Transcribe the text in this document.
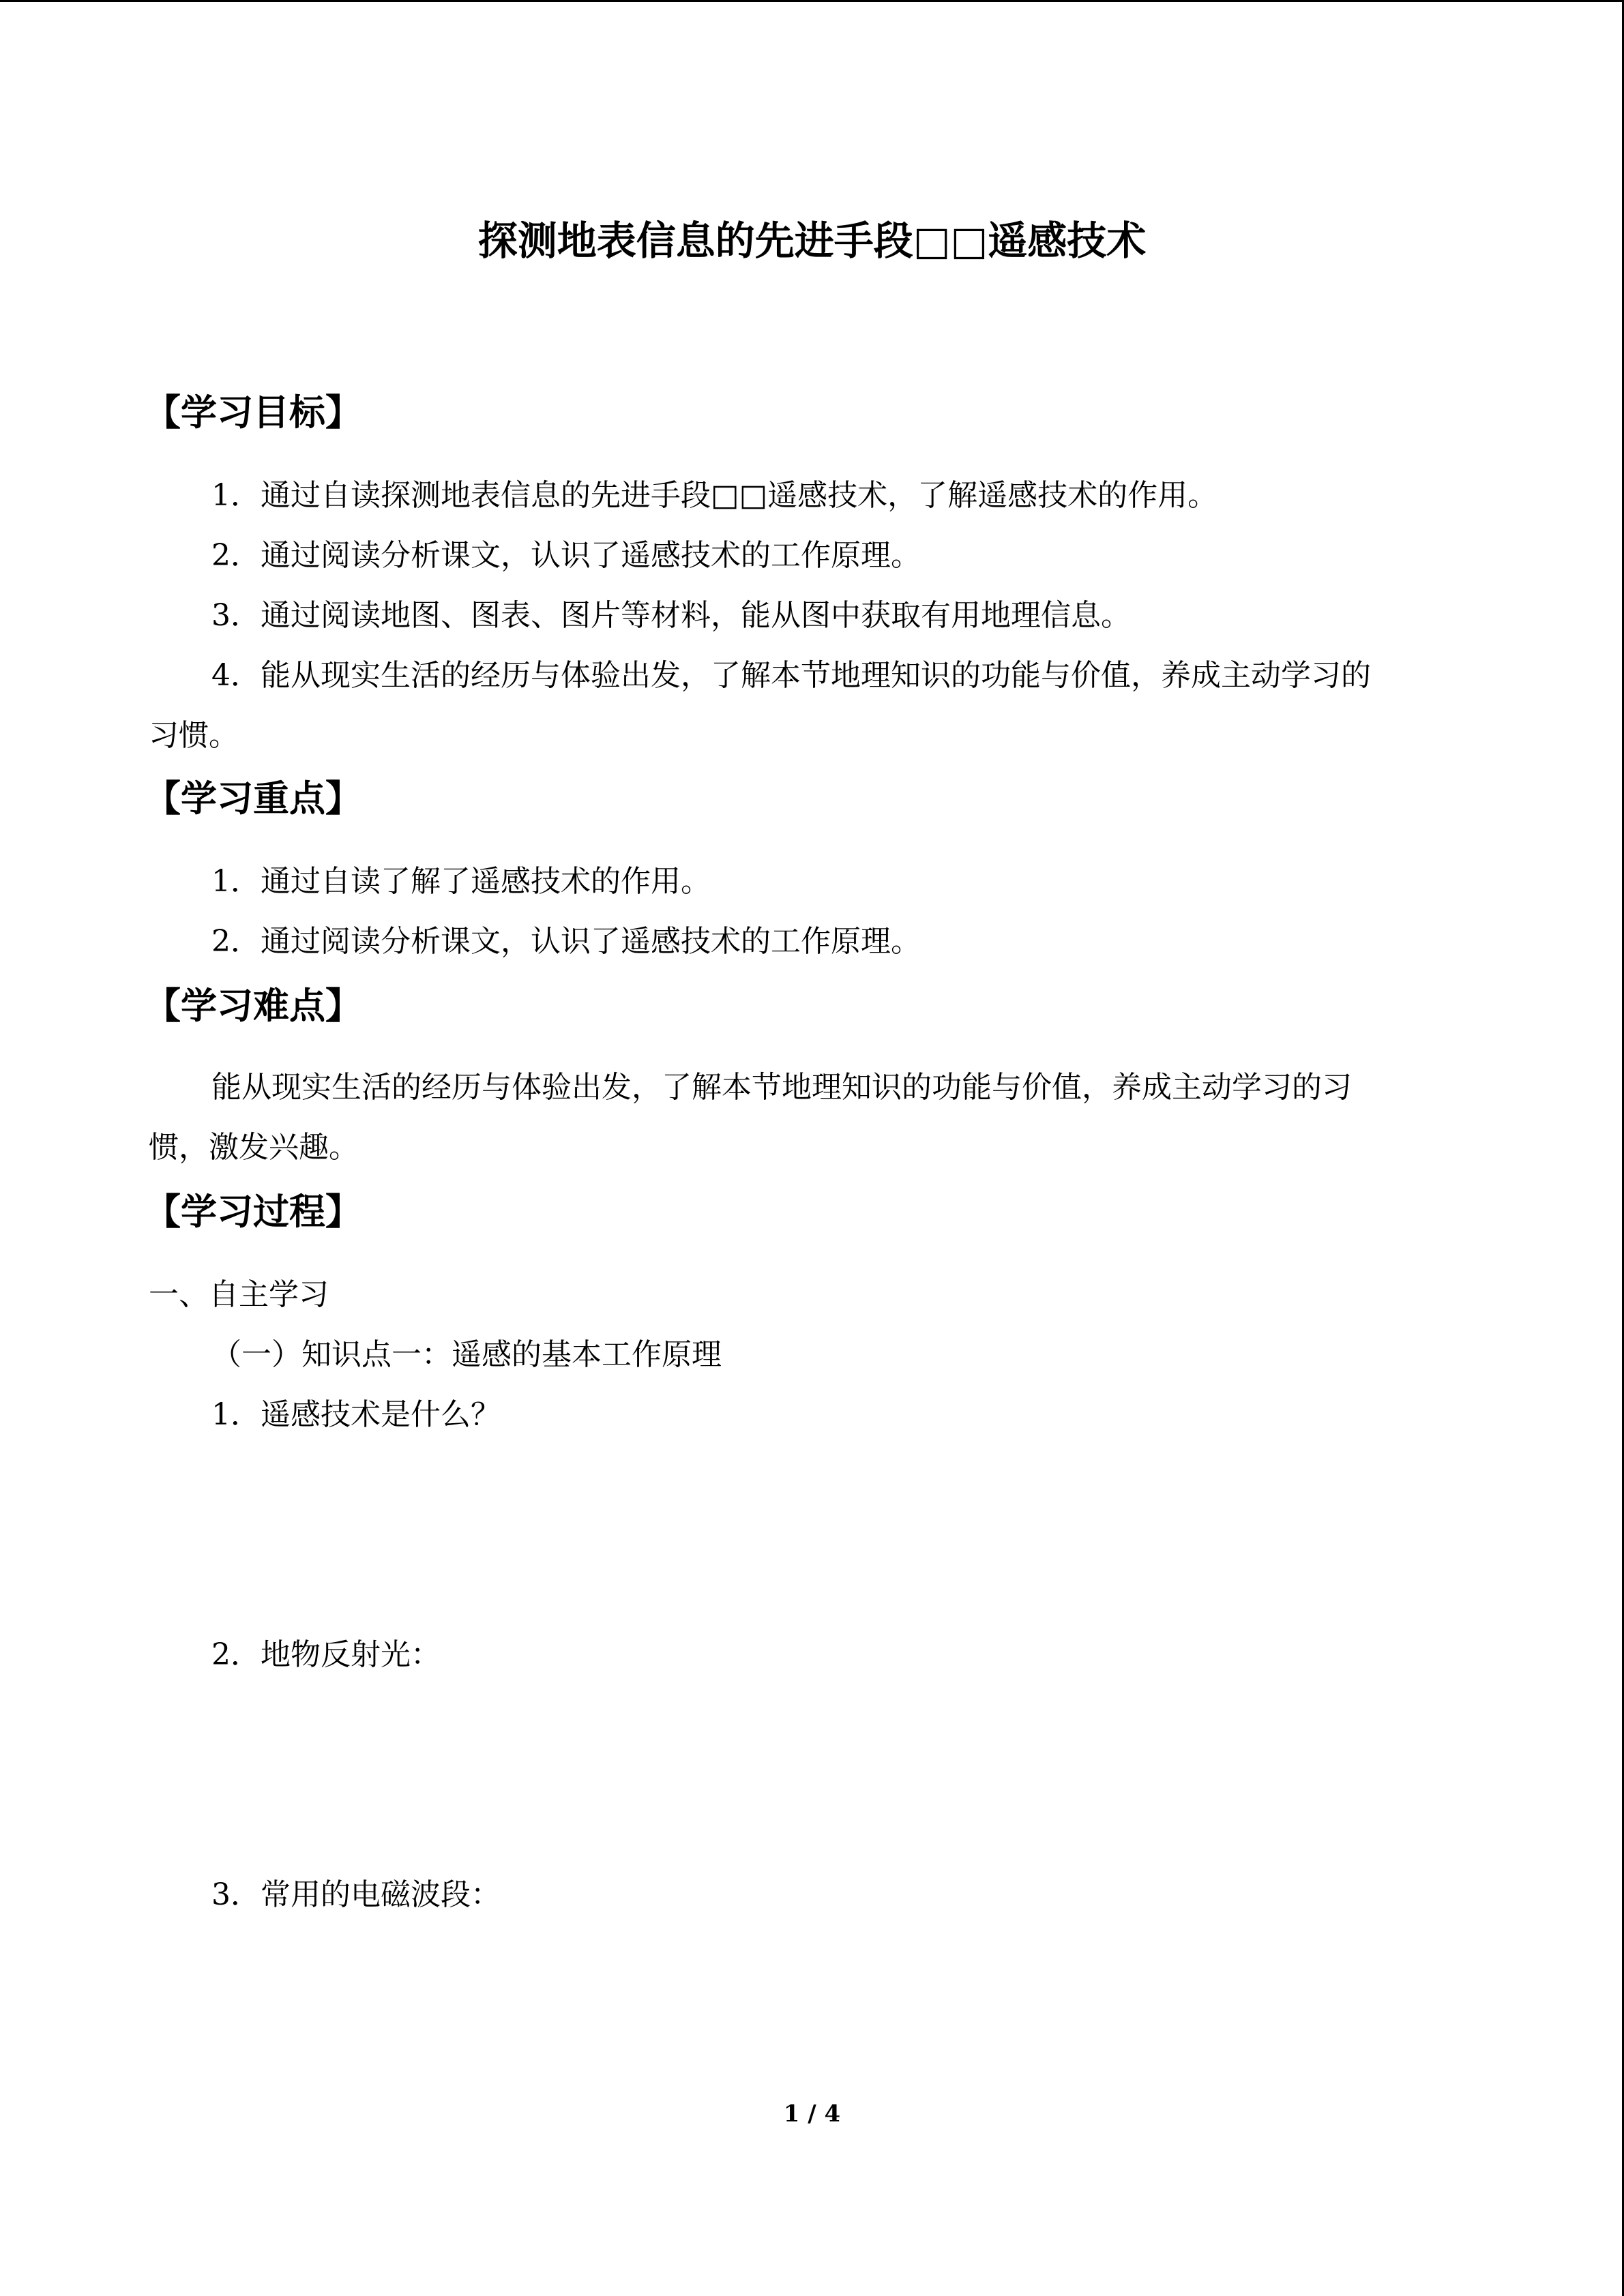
探测地表信息的先进手段□□遥感技术
【学习目标】
1．通过自读探测地表信息的先进手段□□遥感技术，了解遥感技术的作用。
2．通过阅读分析课文，认识了遥感技术的工作原理。
3．通过阅读地图、图表、图片等材料，能从图中获取有用地理信息。
4．能从现实生活的经历与体验出发，了解本节地理知识的功能与价值，养成主动学习的
习惯。
【学习重点】
1．通过自读了解了遥感技术的作用。
2．通过阅读分析课文，认识了遥感技术的工作原理。
【学习难点】
能从现实生活的经历与体验出发，了解本节地理知识的功能与价值，养成主动学习的习
惯，激发兴趣。
【学习过程】
一、自主学习
（一）知识点一：遥感的基本工作原理
1．遥感技术是什么？
2．地物反射光：
3．常用的电磁波段：
1 / 4
